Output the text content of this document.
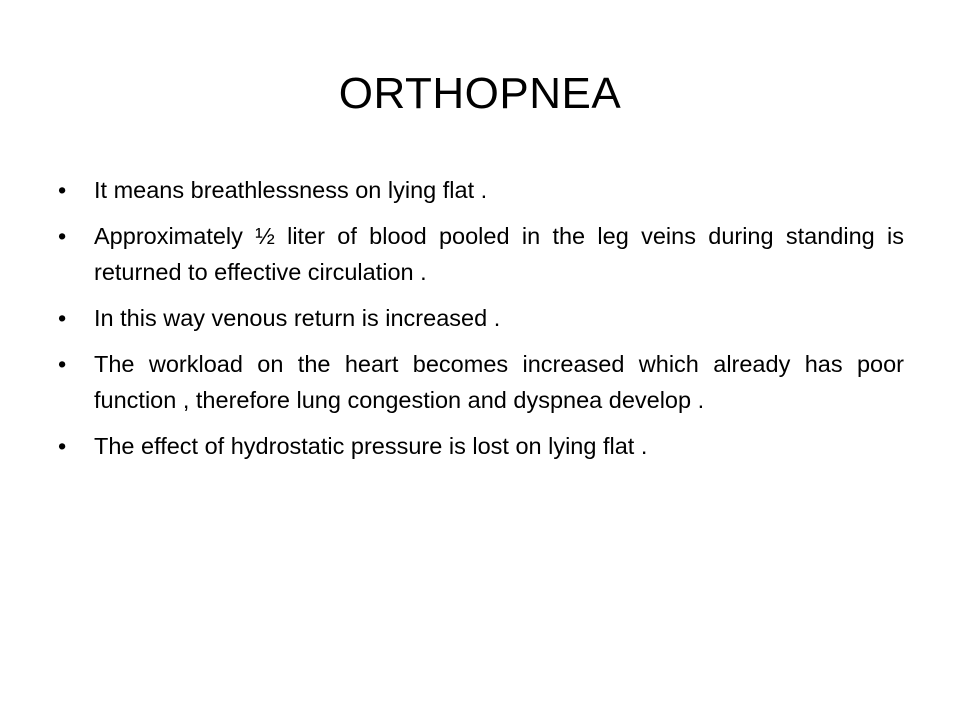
ORTHOPNEA
•	It means breathlessness on lying flat .
•	Approximately ½ liter of blood pooled in the leg veins during standing is returned to effective circulation .
•	In this way venous return is increased .
•	The workload on the heart becomes increased which already has poor function , therefore lung congestion and dyspnea develop .
•	The effect of hydrostatic pressure is lost on lying flat .
